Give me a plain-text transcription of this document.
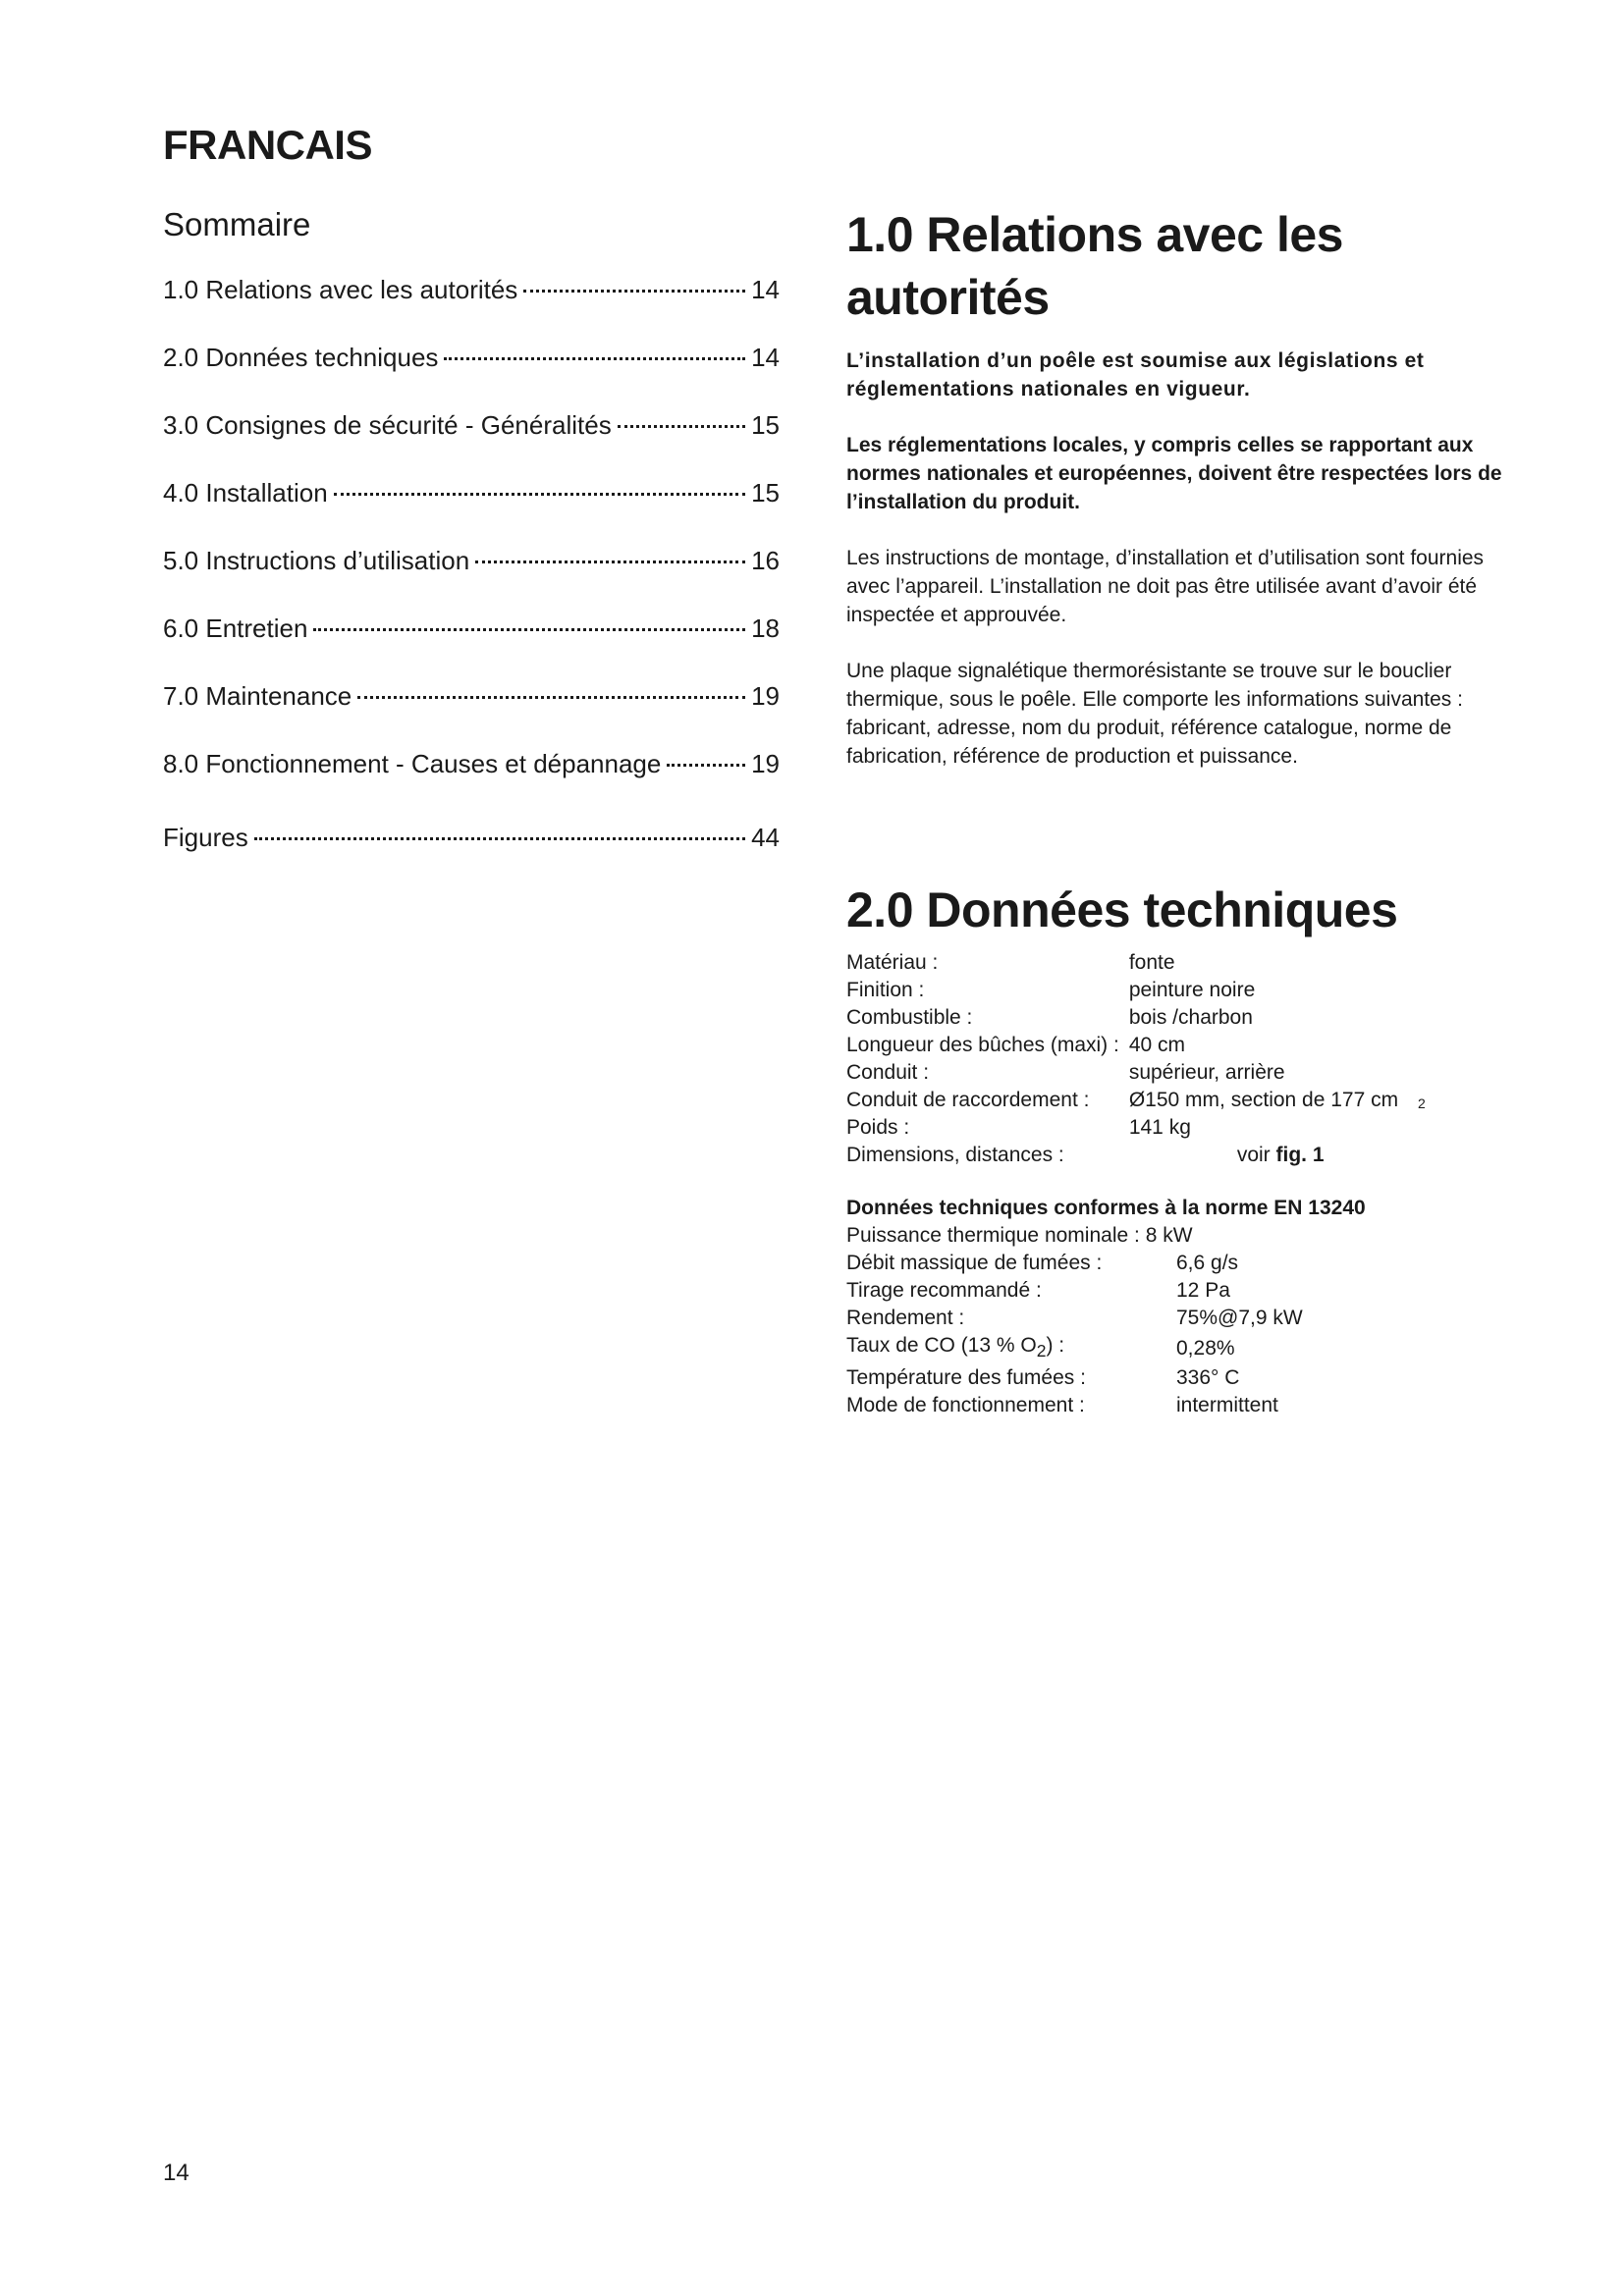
FRANCAIS
Sommaire
1.0 Relations avec les autorités	14
2.0 Données techniques	14
3.0 Consignes de sécurité - Généralités	15
4.0 Installation	15
5.0 Instructions d’utilisation	16
6.0 Entretien	18
7.0 Maintenance	19
8.0 Fonctionnement - Causes et dépannage	19
Figures	44
1.0 Relations avec les
autorités

L’installation d’un poêle est soumise aux législations et réglementations nationales en vigueur.

Les réglementations locales, y compris celles se rapportant aux normes nationales et européennes, doivent être respectées lors de l’installation du produit.

Les instructions de montage, d’installation et d’utilisation sont fournies avec l’appareil. L’installation ne doit pas être utilisée avant d’avoir été inspectée et approuvée.

Une plaque signalétique thermorésistante se trouve sur le bouclier thermique, sous le poêle. Elle comporte les informations suivantes : fabricant, adresse, nom du produit, référence catalogue, norme de fabrication, référence de production et puissance.

2.0 Données techniques
Matériau :	fonte
Finition :	peinture noire
Combustible :	bois /charbon
Longueur des bûches (maxi) :	40 cm
Conduit :	supérieur, arrière
Conduit de raccordement :	Ø150 mm, section de 177 cm
Poids :	141 kg
Dimensions, distances :	voir fig. 1

Données techniques conformes à la norme EN 13240

Puissance thermique nominale : 8 kW
Débit massique de fumées :	6,6 g/s
Tirage recommandé :	12 Pa
Rendement :	75%@7,9 kW
Taux de CO (13 % $O_2$) :	0,28%
Température des fumées :	336° C
Mode de fonctionnement :	intermittent
2
14
